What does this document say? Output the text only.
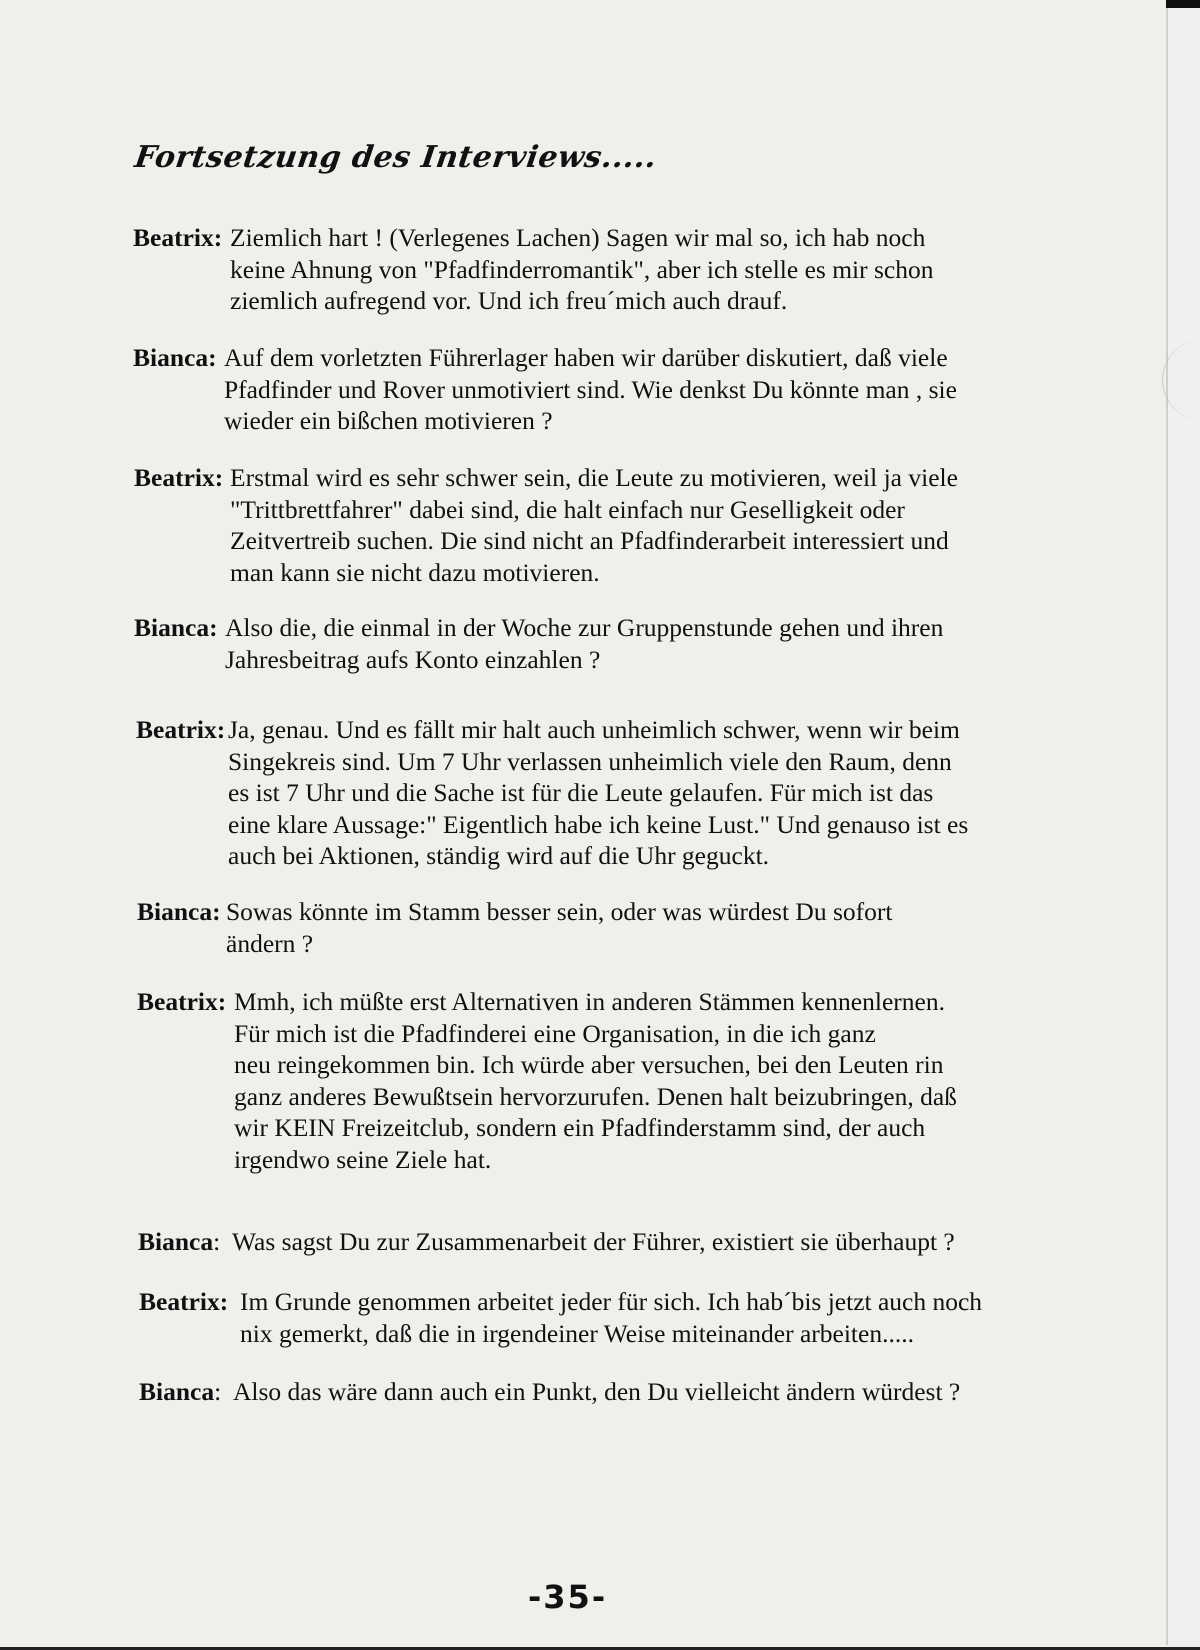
Fortsetzung des Interviews.....
Beatrix: Ziemlich hart ! (Verlegenes Lachen) Sagen wir mal so, ich hab noch
keine Ahnung von "Pfadfinderromantik", aber ich stelle es mir schon
ziemlich aufregend vor. Und ich freu´mich auch drauf.
Bianca: Auf dem vorletzten Führerlager haben wir darüber diskutiert, daß viele
Pfadfinder und Rover unmotiviert sind. Wie denkst Du könnte man , sie
wieder ein bißchen motivieren ?
Beatrix: Erstmal wird es sehr schwer sein, die Leute zu motivieren, weil ja viele
"Trittbrettfahrer" dabei sind, die halt einfach nur Geselligkeit oder
Zeitvertreib suchen. Die sind nicht an Pfadfinderarbeit interessiert und
man kann sie nicht dazu motivieren.
Bianca: Also die, die einmal in der Woche zur Gruppenstunde gehen und ihren
Jahresbeitrag aufs Konto einzahlen ?
Beatrix: Ja, genau. Und es fällt mir halt auch unheimlich schwer, wenn wir beim
Singekreis sind. Um 7 Uhr verlassen unheimlich viele den Raum, denn
es ist 7 Uhr und die Sache ist für die Leute gelaufen. Für mich ist das
eine klare Aussage:" Eigentlich habe ich keine Lust." Und genauso ist es
auch bei Aktionen, ständig wird auf die Uhr geguckt.
Bianca: Sowas könnte im Stamm besser sein, oder was würdest Du sofort
ändern ?
Beatrix: Mmh, ich müßte erst Alternativen in anderen Stämmen kennenlernen.
Für mich ist die Pfadfinderei eine Organisation, in die ich ganz
neu reingekommen bin. Ich würde aber versuchen, bei den Leuten rin
ganz anderes Bewußtsein hervorzurufen. Denen halt beizubringen, daß
wir KEIN Freizeitclub, sondern ein Pfadfinderstamm sind, der auch
irgendwo seine Ziele hat.
Bianca: Was sagst Du zur Zusammenarbeit der Führer, existiert sie überhaupt ?
Beatrix: Im Grunde genommen arbeitet jeder für sich. Ich hab´bis jetzt auch noch
nix gemerkt, daß die in irgendeiner Weise miteinander arbeiten.....
Bianca: Also das wäre dann auch ein Punkt, den Du vielleicht ändern würdest ?
-35-
